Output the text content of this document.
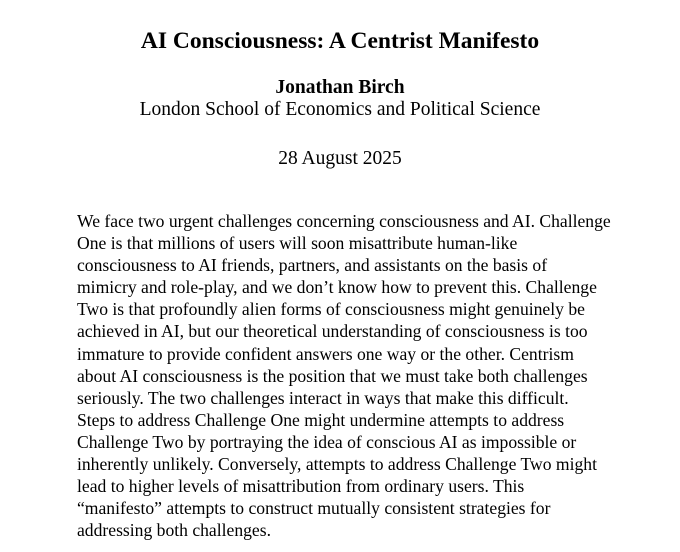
AI Consciousness: A Centrist Manifesto
Jonathan Birch
London School of Economics and Political Science
28 August 2025

We face two urgent challenges concerning consciousness and AI. Challenge
One is that millions of users will soon misattribute human-like
consciousness to AI friends, partners, and assistants on the basis of
mimicry and role-play, and we don’t know how to prevent this. Challenge
Two is that profoundly alien forms of consciousness might genuinely be
achieved in AI, but our theoretical understanding of consciousness is too
immature to provide confident answers one way or the other. Centrism
about AI consciousness is the position that we must take both challenges
seriously. The two challenges interact in ways that make this difficult.
Steps to address Challenge One might undermine attempts to address
Challenge Two by portraying the idea of conscious AI as impossible or
inherently unlikely. Conversely, attempts to address Challenge Two might
lead to higher levels of misattribution from ordinary users. This
“manifesto” attempts to construct mutually consistent strategies for
addressing both challenges.
